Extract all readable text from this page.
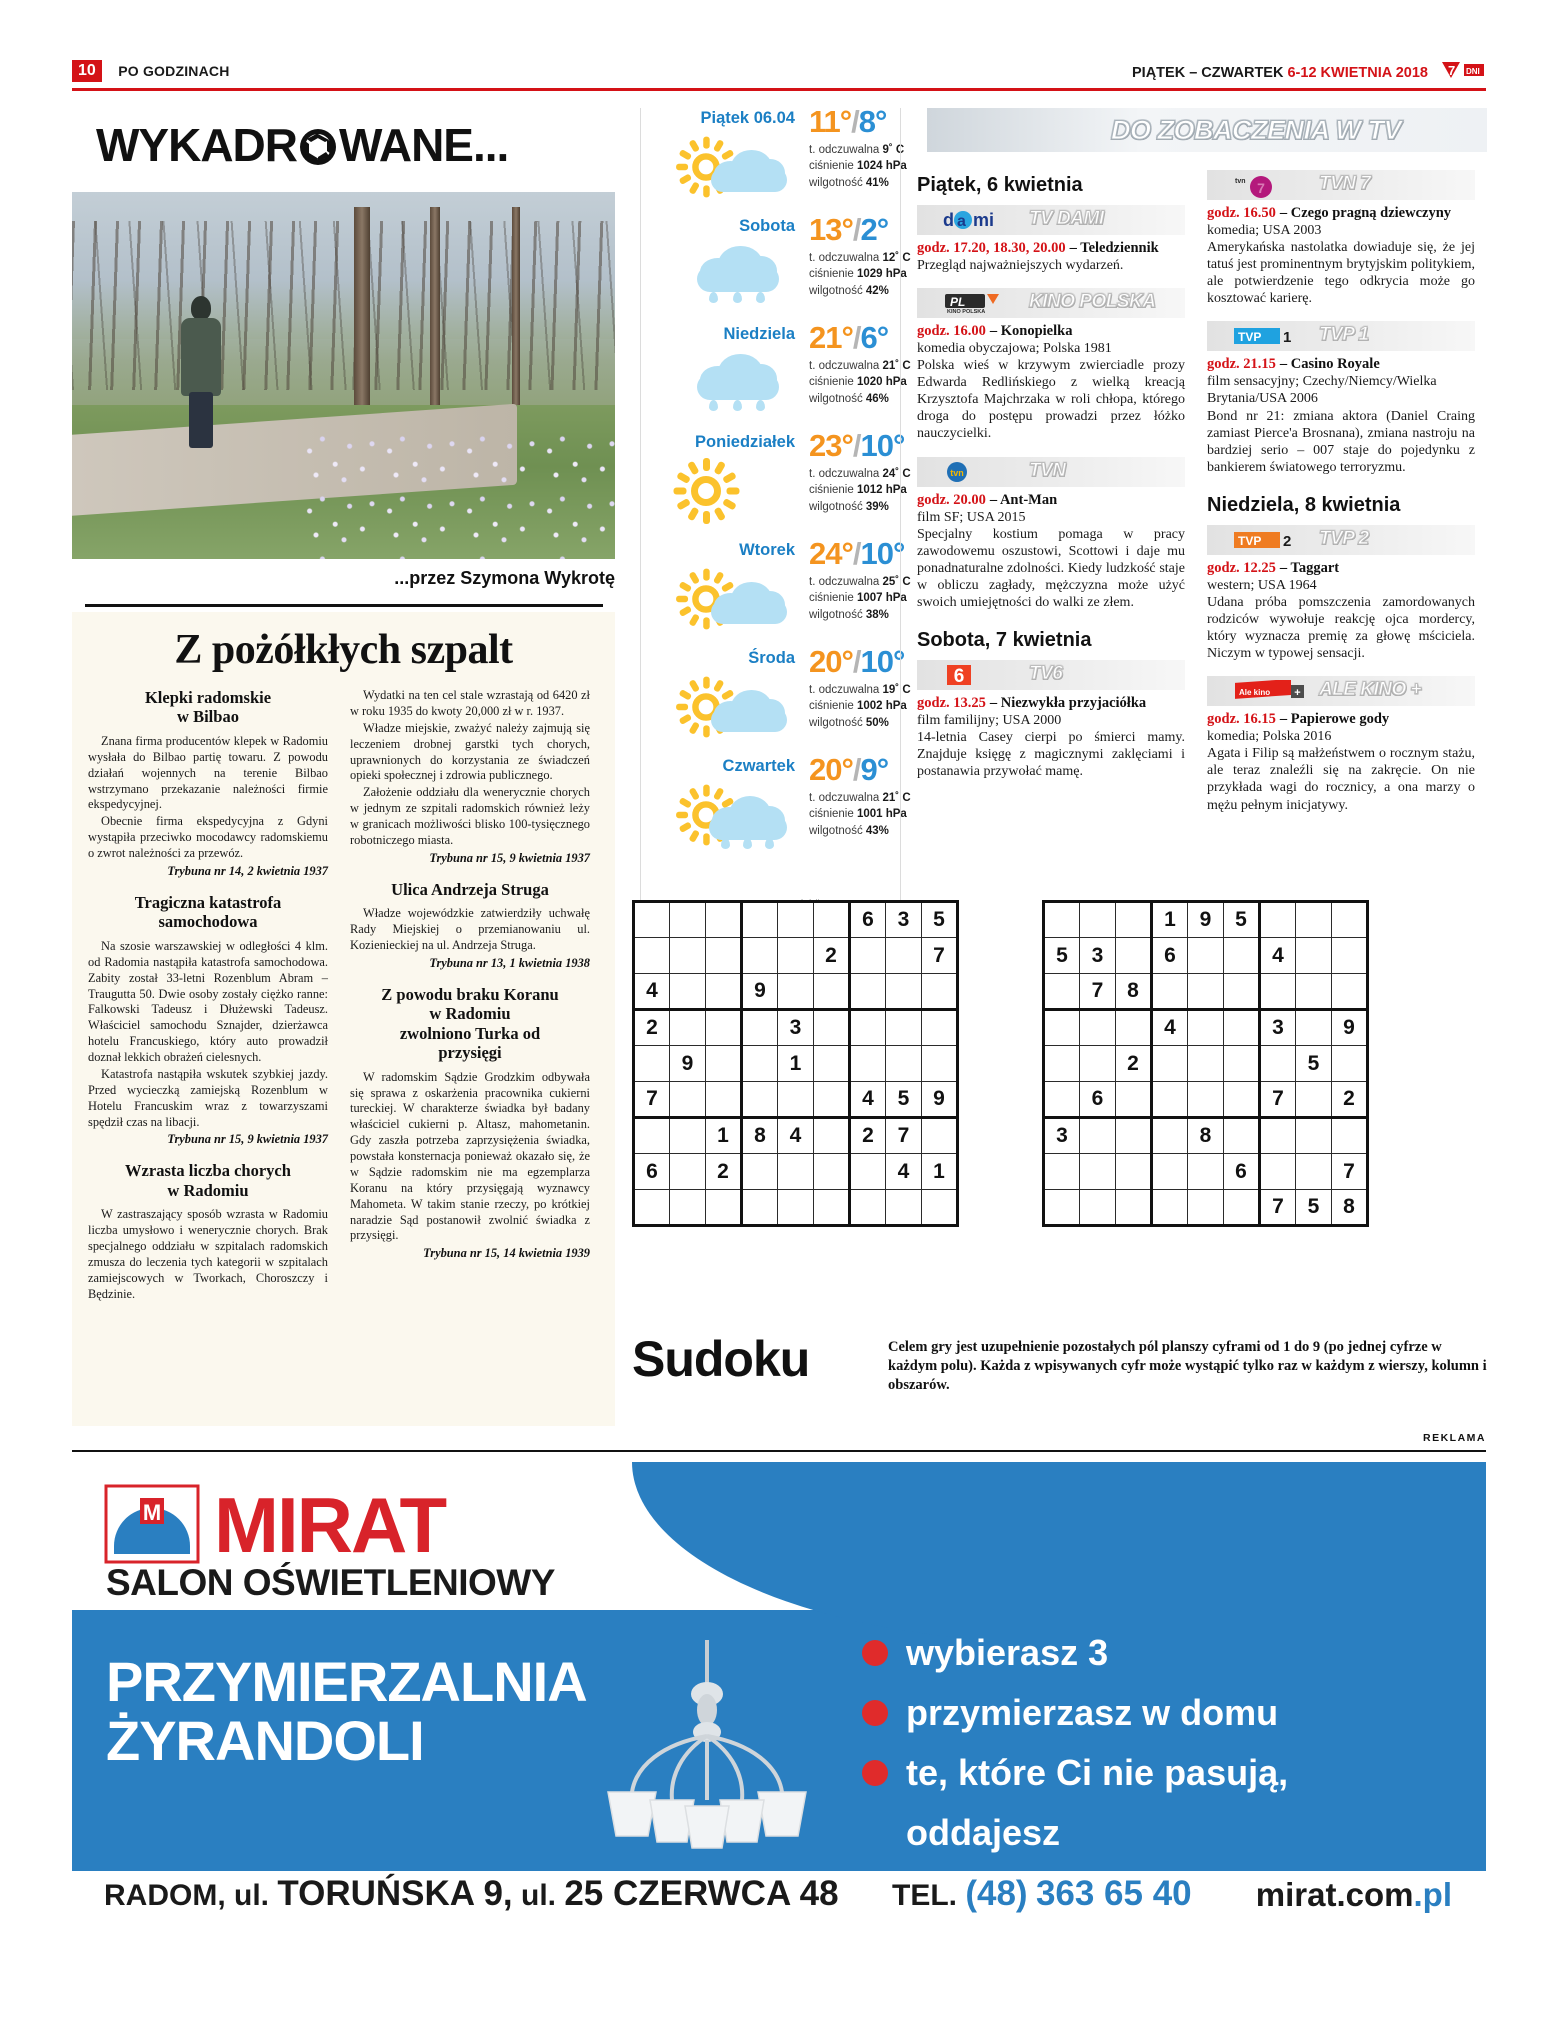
10 PO GODZINACH	PIĄTEK – CZWARTEK 6-12 KWIETNIA 2018 7 DNI
WYKADR WANE...
...przez Szymona Wykrotę
Z pożółkłych szpalt
Klepki radomskie
w Bilbao
Znana firma producentów klepek w Radomiu wysłała do Bilbao partię towaru. Z powodu działań wojennych na terenie Bilbao wstrzymano przekazanie należności firmie ekspedycyjnej.
Obecnie firma ekspedycyjna z Gdyni wystąpiła przeciwko mocodawcy radomskiemu o zwrot należności za przewóz.
Trybuna nr 14, 2 kwietnia 1937
Tragiczna katastrofa
samochodowa
Na szosie warszawskiej w odległości 4 klm. od Radomia nastąpiła katastrofa samochodowa. Zabity został 33-letni Rozenblum Abram – Traugutta 50. Dwie osoby zostały ciężko ranne: Falkowski Tadeusz i Dłużewski Tadeusz. Właściciel samochodu Sznajder, dzierżawca hotelu Francuskiego, który auto prowadził doznał lekkich obrażeń cielesnych.
Katastrofa nastąpiła wskutek szybkiej jazdy. Przed wycieczką zamiejską Rozenblum w Hotelu Francuskim wraz z towarzyszami spędził czas na libacji.
Trybuna nr 15, 9 kwietnia 1937
Wzrasta liczba chorych
w Radomiu
W zastraszający sposób wzrasta w Radomiu liczba umysłowo i wenerycznie chorych. Brak specjalnego oddziału w szpitalach radomskich zmusza do leczenia tych kategorii w szpitalach zamiejscowych w Tworkach, Choroszczy i Będzinie.
Wydatki na ten cel stale wzrastają od 6420 zł w roku 1935 do kwoty 20,000 zł w r. 1937.
Władze miejskie, zważyć należy zajmują się leczeniem drobnej garstki tych chorych, uprawnionych do korzystania ze świadczeń opieki społecznej i zdrowia publicznego.
Założenie oddziału dla wenerycznie chorych w jednym ze szpitali radomskich również leży w granicach możliwości blisko 100-tysięcznego robotniczego miasta.
Trybuna nr 15, 9 kwietnia 1937
Ulica Andrzeja Struga
Władze wojewódzkie zatwierdziły uchwałę Rady Miejskiej o przemianowaniu ul. Kozienieckiej na ul. Andrzeja Struga.
Trybuna nr 13, 1 kwietnia 1938
Z powodu braku Koranu
w Radomiu
zwolniono Turka od
przysięgi
W radomskim Sądzie Grodzkim odbywała się sprawa z oskarżenia pracownika cukierni tureckiej. W charakterze świadka był badany właściciel cukierni p. Altasz, mahometanin. Gdy zaszła potrzeba zaprzysiężenia świadka, powstała konsternacja ponieważ okazało się, że w Sądzie radomskim nie ma egzemplarza Koranu na który przysięgają wyznawcy Mahometa. W takim stanie rzeczy, po krótkiej naradzie Sąd postanowił zwolnić świadka z przysięgi.
Trybuna nr 15, 14 kwietnia 1939
Piątek 06.04 11°/8°
t. odczuwalna 9˚ C
ciśnienie 1024 hPa
wilgotność 41%
Sobota 13°/2°
t. odczuwalna 12˚ C
ciśnienie 1029 hPa
wilgotność 42%
Niedziela 21°/6°
t. odczuwalna 21˚ C
ciśnienie 1020 hPa
wilgotność 46%
Poniedziałek 23°/10°
t. odczuwalna 24˚ C
ciśnienie 1012 hPa
wilgotność 39%
Wtorek 24°/10°
t. odczuwalna 25˚ C
ciśnienie 1007 hPa
wilgotność 38%
Środa 20°/10°
t. odczuwalna 19˚ C
ciśnienie 1002 hPa
wilgotność 50%
Czwartek 20°/9°
t. odczuwalna 21˚ C
ciśnienie 1001 hPa
wilgotność 43%
DO ZOBACZENIA W TV
Piątek, 6 kwietnia
d a mi TV DAMI
godz. 17.20, 18.30, 20.00 – Teledziennik
Przegląd najważniejszych wydarzeń.
PL
KINO POLSKA KINO POLSKA
godz. 16.00 – Konopielka
komedia obyczajowa; Polska 1981
Polska wieś w krzywym zwierciadle prozy Edwarda Redlińskiego z wielką kreacją Krzysztofa Majchrzaka w roli chłopa, którego droga do postępu prowadzi przez łóżko nauczycielki.
tvn	TVN
godz. 20.00 – Ant-Man
film SF; USA 2015
Specjalny kostium pomaga w pracy zawodowemu oszustowi, Scottowi i daje mu ponadnaturalne zdolności. Kiedy ludzkość staje w obliczu zagłady, mężczyzna może użyć swoich umiejętności do walki ze złem.
Sobota, 7 kwietnia
6	TV6
godz. 13.25 – Niezwykła przyjaciółka
film familijny; USA 2000
14-letnia Casey cierpi po śmierci mamy. Znajduje księgę z magicznymi zaklęciami i postanawia przywołać mamę.
tvn 7	TVN 7
godz. 16.50 – Czego pragną dziewczyny
komedia; USA 2003
Amerykańska nastolatka dowiaduje się, że jej tatuś jest prominentnym brytyjskim politykiem, ale potwierdzenie tego odkrycia może go kosztować karierę.
TVP 1 TVP 1
godz. 21.15 – Casino Royale
film sensacyjny; Czechy/Niemcy/Wielka Brytania/USA 2006
Bond nr 21: zmiana aktora (Daniel Craing zamiast Pierce'a Brosnana), zmiana nastroju na bardziej serio – 007 staje do pojedynku z bankierem światowego terroryzmu.
Niedziela, 8 kwietnia
TVP 2 TVP 2
godz. 12.25 – Taggart
western; USA 1964
Udana próba pomszczenia zamordowanych rodziców wywołuje reakcję ojca mordercy, który wyznacza premię za głowę mściciela. Niczym w typowej sensacji.
Ale kino + ALE KINO +
godz. 16.15 – Papierowe gody
komedia; Polska 2016
Agata i Filip są małżeństwem o rocznym stażu, ale teraz znaleźli się na zakręcie. On nie przykłada wagi do rocznicy, a ona marzy o mężu pełnym inicjatywy.
						6	3	5
					2			7
4			9					
2				3				
	9			1				
7						4	5	9
		1	8	4		2	7	
6		2					4	1

			1	9	5			
5	3		6			4		
	7	8						
			4			3		9
		2					5	
	6					7		2
3				8				
					6			7
						7	5	8
Sudoku	Celem gry jest uzupełnienie pozostałych pól planszy cyframi od 1 do 9 (po jednej cyfrze w każdym polu). Każda z wpisywanych cyfr może wystąpić tylko raz w każdym z wierszy, kolumn i obszarów.
REKLAMA
M MIRAT
SALON OŚWIETLENIOWY
PRZYMIERZALNIA
ŻYRANDOLI
wybierasz 3
przymierzasz w domu
te, które Ci nie pasują,
oddajesz
RADOM, ul. TORUŃSKA 9, ul. 25 CZERWCA 48 TEL. (48) 363 65 40 mirat.com.pl
